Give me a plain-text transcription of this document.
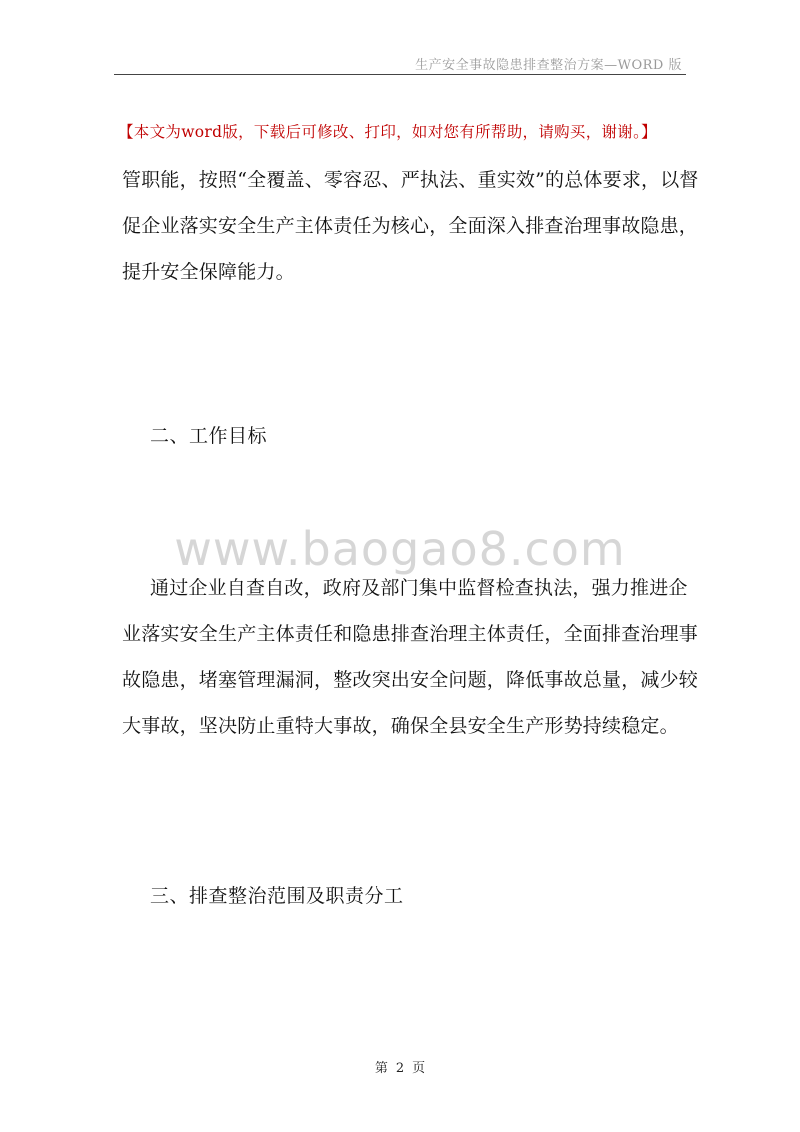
生产安全事故隐患排查整治方案—WORD 版
【本文为word版，下载后可修改、打印，如对您有所帮助，请购买，谢谢。】
管职能，按照“全覆盖、零容忍、严执法、重实效”的总体要求，以督
促企业落实安全生产主体责任为核心，全面深入排查治理事故隐患，
提升安全保障能力。
二、工作目标
www.baogao8.com
通过企业自查自改，政府及部门集中监督检查执法，强力推进企
业落实安全生产主体责任和隐患排查治理主体责任，全面排查治理事
故隐患，堵塞管理漏洞，整改突出安全问题，降低事故总量，减少较
大事故，坚决防止重特大事故，确保全县安全生产形势持续稳定。
三、排查整治范围及职责分工
第 2 页
